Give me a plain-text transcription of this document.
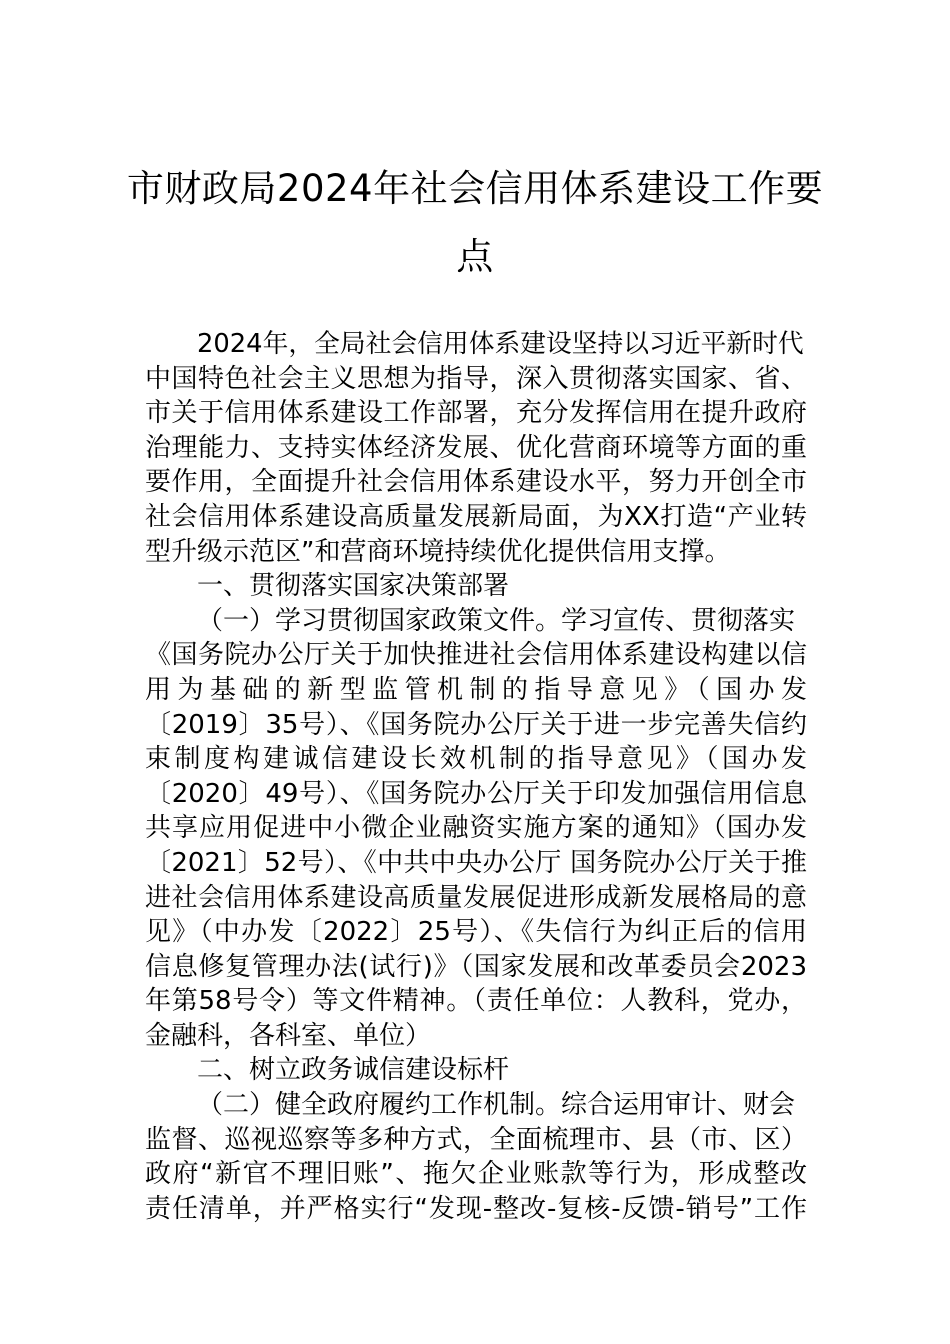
市财政局2024年社会信用体系建设工作要
点
2024年，全局社会信用体系建设坚持以习近平新时代
中国特色社会主义思想为指导，深入贯彻落实国家、省、
市关于信用体系建设工作部署，充分发挥信用在提升政府
治理能力、支持实体经济发展、优化营商环境等方面的重
要作用，全面提升社会信用体系建设水平，努力开创全市
社会信用体系建设高质量发展新局面，为XX打造“产业转
型升级示范区”和营商环境持续优化提供信用支撑。
一、贯彻落实国家决策部署
（一）学习贯彻国家政策文件。学习宣传、贯彻落实
《国务院办公厅关于加快推进社会信用体系建设构建以信
用为基础的新型监管机制的指导意见》（国办发
〔2019〕35号）、《国务院办公厅关于进一步完善失信约
束制度构建诚信建设长效机制的指导意见》（国办发
〔2020〕49号）、《国务院办公厅关于印发加强信用信息
共享应用促进中小微企业融资实施方案的通知》（国办发
〔2021〕52号）、《中共中央办公厅 国务院办公厅关于推
进社会信用体系建设高质量发展促进形成新发展格局的意
见》（中办发〔2022〕25号）、《失信行为纠正后的信用
信息修复管理办法(试行)》（国家发展和改革委员会2023
年第58号令）等文件精神。（责任单位：人教科，党办，
金融科，各科室、单位）
二、树立政务诚信建设标杆
（二）健全政府履约工作机制。综合运用审计、财会
监督、巡视巡察等多种方式，全面梳理市、县（市、区）
政府“新官不理旧账”、拖欠企业账款等行为，形成整改
责任清单，并严格实行“发现-整改-复核-反馈-销号”工作
